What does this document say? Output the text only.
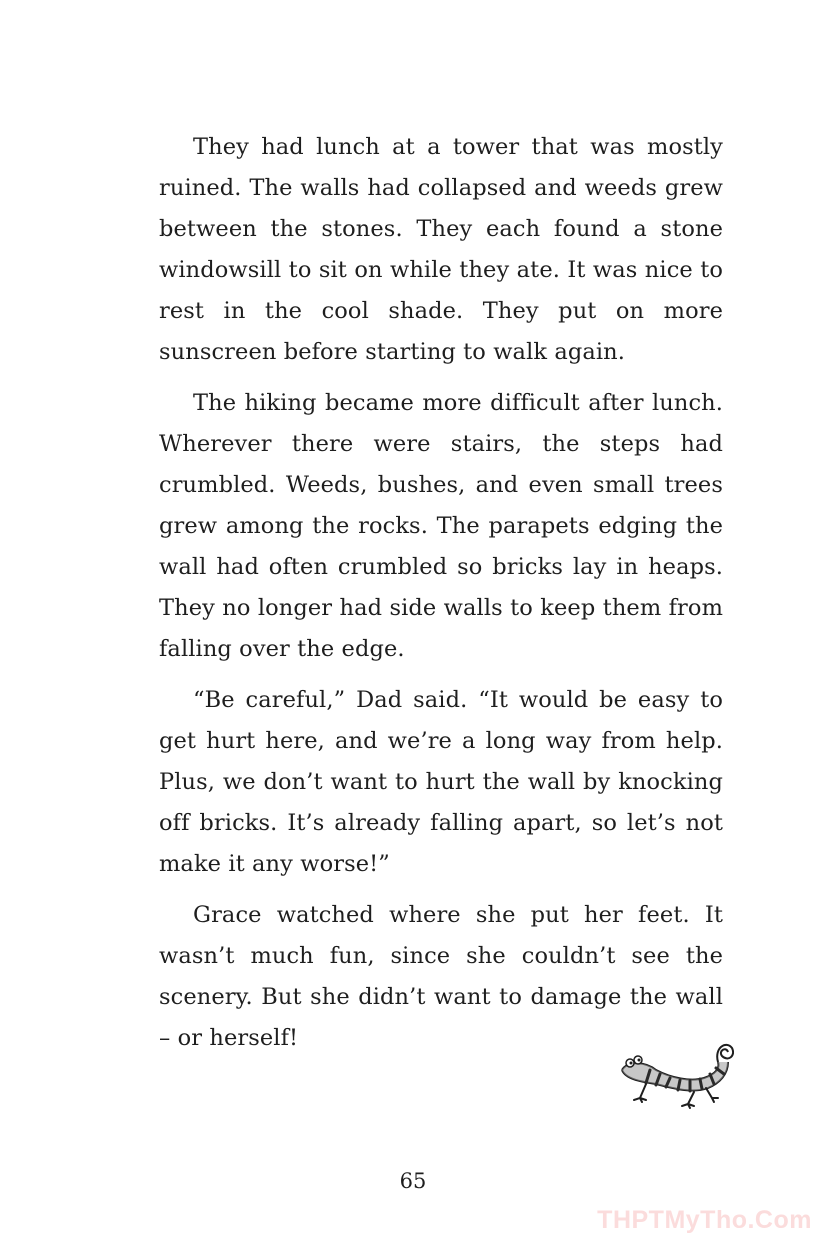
They had lunch at a tower that was mostly ruined. The walls had collapsed and weeds grew between the stones. They each found a stone windowsill to sit on while they ate. It was nice to rest in the cool shade. They put on more sunscreen before starting to walk again.

The hiking became more difficult after lunch. Wherever there were stairs, the steps had crumbled. Weeds, bushes, and even small trees grew among the rocks. The parapets edging the wall had often crumbled so bricks lay in heaps. They no longer had side walls to keep them from falling over the edge.

“Be careful,” Dad said. “It would be easy to get hurt here, and we’re a long way from help. Plus, we don’t want to hurt the wall by knocking off bricks. It’s already falling apart, so let’s not make it any worse!”

Grace watched where she put her feet. It wasn’t much fun, since she couldn’t see the scenery. But she didn’t want to damage the wall – or herself!

65
THPTMyTho.Com
